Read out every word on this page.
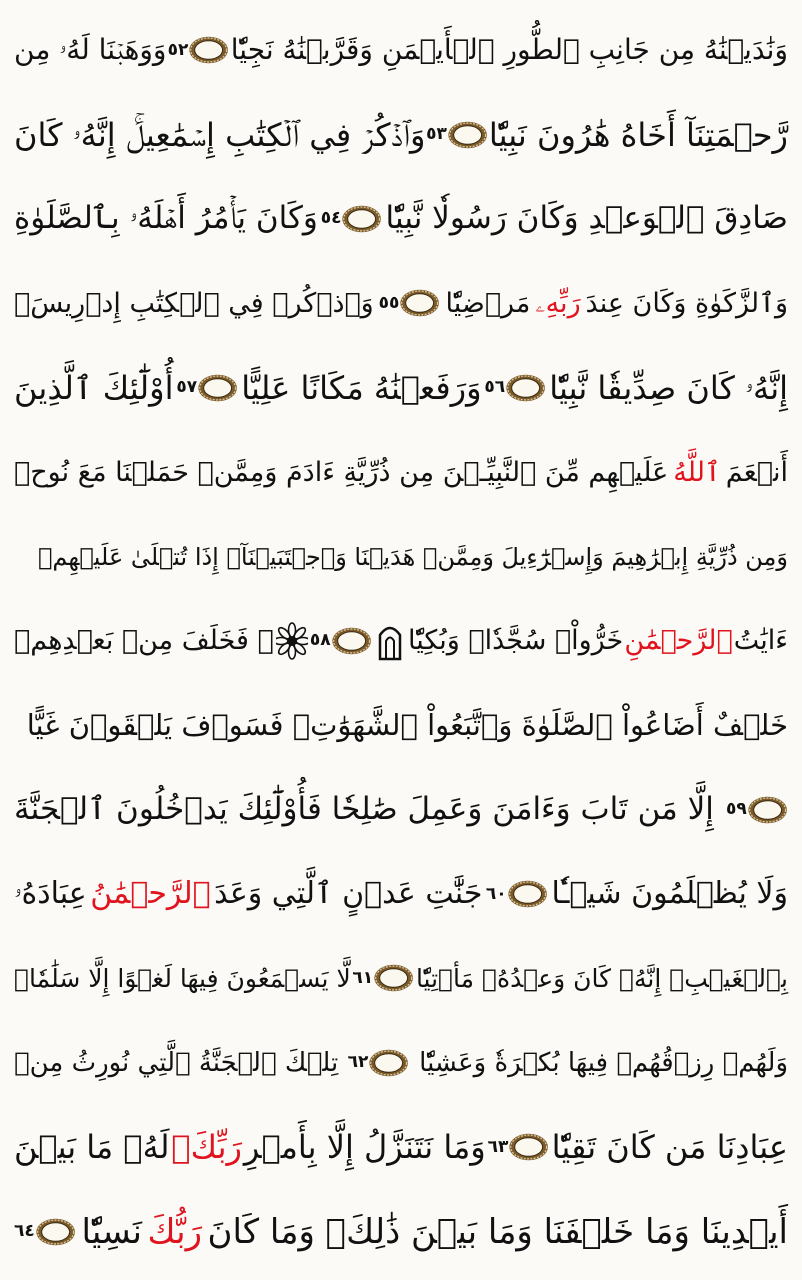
وَنَٰدَيۡنَٰهُ مِن جَانِبِ ٱلطُّورِ ٱلۡأَيۡمَنِ وَقَرَّبۡنَٰهُ نَجِيّٗا
٥٢
وَوَهَبۡنَا لَهُۥ مِن
رَّحۡمَتِنَآ أَخَاهُ هَٰرُونَ نَبِيّٗا
٥٣
وَٱذۡكُرۡ فِي ٱلۡكِتَٰبِ إِسۡمَٰعِيلَۚ إِنَّهُۥ كَانَ
صَادِقَ ٱلۡوَعۡدِ وَكَانَ رَسُولٗا نَّبِيّٗا
٥٤
وَكَانَ يَأۡمُرُ أَهۡلَهُۥ بِٱلصَّلَوٰةِ
وَٱلزَّكَوٰةِ وَكَانَ عِندَ
رَبِّهِۦ
مَرۡضِيّٗا
٥٥
وَٱذۡكُرۡ فِي ٱلۡكِتَٰبِ إِدۡرِيسَۚ
إِنَّهُۥ كَانَ صِدِّيقٗا نَّبِيّٗا
٥٦
وَرَفَعۡنَٰهُ مَكَانًا عَلِيًّا
٥٧
أُوْلَٰٓئِكَ ٱلَّذِينَ
أَنۡعَمَ
ٱللَّهُ
عَلَيۡهِم مِّنَ ٱلنَّبِيِّـۧنَ مِن ذُرِّيَّةِ ءَادَمَ وَمِمَّنۡ حَمَلۡنَا مَعَ نُوحٖ
وَمِن ذُرِّيَّةِ إِبۡرَٰهِيمَ وَإِسۡرَٰٓءِيلَ وَمِمَّنۡ هَدَيۡنَا وَٱجۡتَبَيۡنَآۚ إِذَا تُتۡلَىٰ عَلَيۡهِمۡ
ءَايَٰتُ
ٱلرَّحۡمَٰنِ
خَرُّواْۤ سُجَّدٗاۤ وَبُكِيّٗا
٥٨
۞ فَخَلَفَ مِنۢ بَعۡدِهِمۡ
خَلۡفٌ أَضَاعُواْ ٱلصَّلَوٰةَ وَٱتَّبَعُواْ ٱلشَّهَوَٰتِۖ فَسَوۡفَ يَلۡقَوۡنَ غَيًّا
٥٩
إِلَّا مَن تَابَ وَءَامَنَ وَعَمِلَ صَٰلِحٗا فَأُوْلَٰٓئِكَ يَدۡخُلُونَ ٱلۡجَنَّةَ
وَلَا يُظۡلَمُونَ شَيۡـٔٗا
٦٠
جَنَّٰتِ عَدۡنٍ ٱلَّتِي وَعَدَ
ٱلرَّحۡمَٰنُ
عِبَادَهُۥ
بِٱلۡغَيۡبِۚ إِنَّهُۥ كَانَ وَعۡدُهُۥ مَأۡتِيّٗا
٦١
لَّا يَسۡمَعُونَ فِيهَا لَغۡوًا إِلَّا سَلَٰمٗاۖ
وَلَهُمۡ رِزۡقُهُمۡ فِيهَا بُكۡرَةٗ وَعَشِيّٗا
٦٢
تِلۡكَ ٱلۡجَنَّةُ ٱلَّتِي نُورِثُ مِنۡ
عِبَادِنَا مَن كَانَ تَقِيّٗا
٦٣
وَمَا نَتَنَزَّلُ إِلَّا بِأَمۡرِ
رَبِّكَۖ
لَهُۥ مَا بَيۡنَ
أَيۡدِينَا وَمَا خَلۡفَنَا وَمَا بَيۡنَ ذَٰلِكَۚ وَمَا كَانَ
رَبُّكَ
نَسِيّٗا
٦٤
